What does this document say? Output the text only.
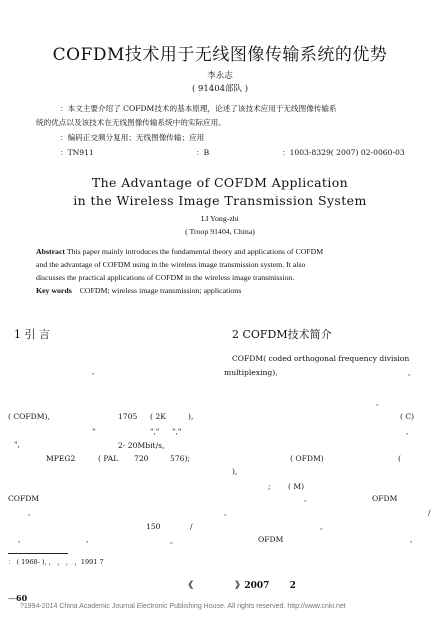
COFDM技术用于无线图像传输系统的优势
李永志
( 91404部队 )
：本文主要介绍了 COFDM技术的基本原理，论述了该技术应用于无线图像传输系
统的优点以及该技术在无线图像传输系统中的实际应用。
：编码正交频分复用；无线图像传输；应用
：TN911	：B	：1003-8329( 2007) 02-0060-03
The Advantage of COFDM Application
in the Wireless Image Transmission System
LI Yong-zhi
( Troop 91404, China)
Abstract This paper mainly introduces the fundamental theory and applications of COFDM
and the advantage of COFDM using in the wireless image transmission system. It also
discusses the practical applications of COFDM in the wireless image transmission.
Key words COFDM; wireless image transmission; applications
1 引 言	2 COFDM技术简介
,
( COFDM),	1705 ( 2K	),
"	"," ","
",	2- 20Mbit/s。
MPEG2	( PAL 720	576);
COFDM
,
150	/
,	,	。
COFDM( coded orthogonal frequency division
multiplexing),	,
,
( C)
,
( OFDM)	(
),
; ( M)
,	OFDM
,	/
,
OFDM	,
： ( 1968- ), ， ， ， ，1991 7
《	》2007 2
—60
?1994-2014 China Academic Journal Electronic Publishing House. All rights reserved. http://www.cnki.net
